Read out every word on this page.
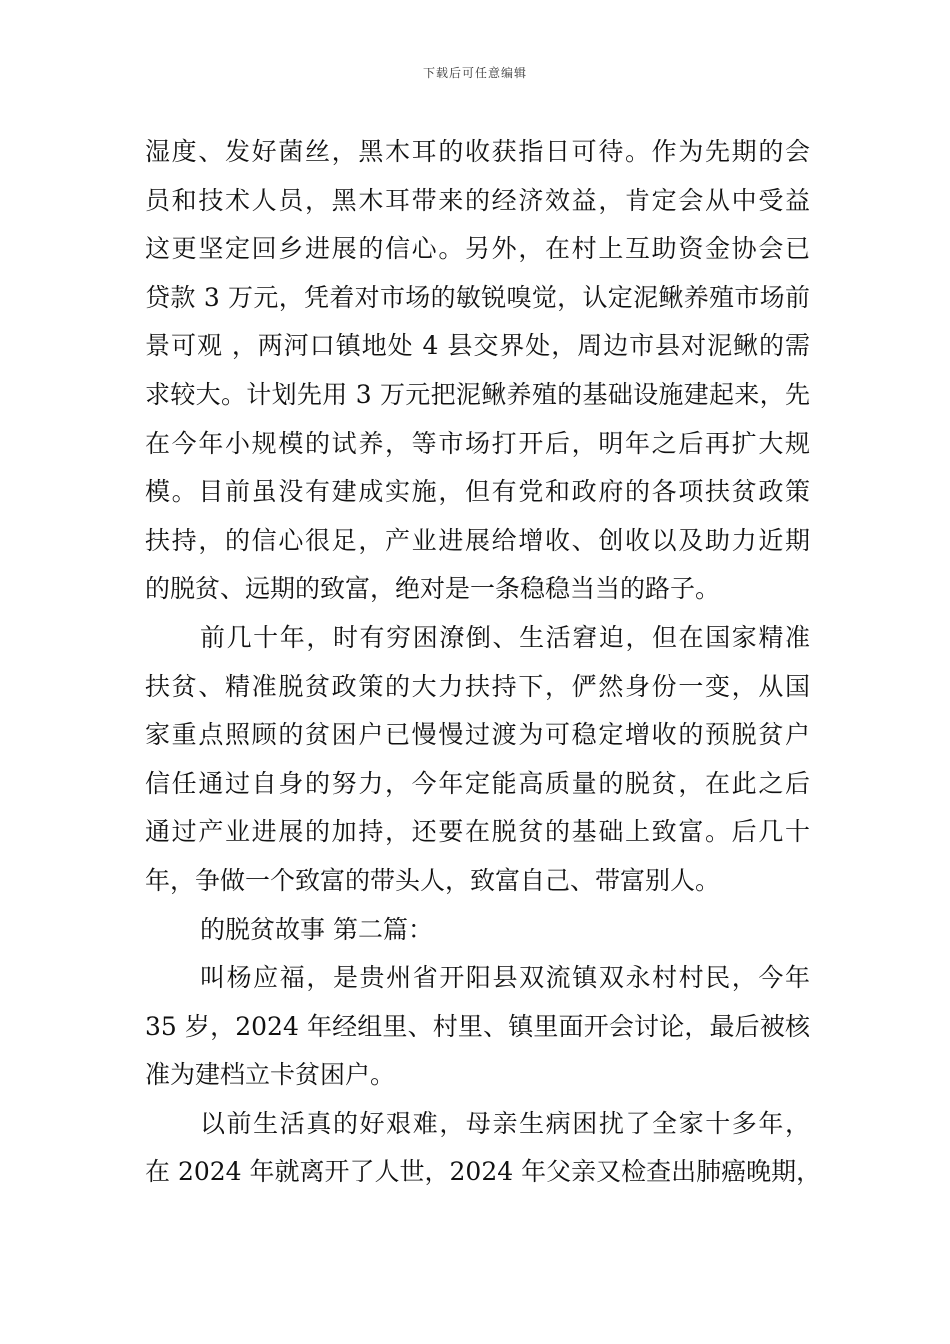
下载后可任意编辑
湿度、发好菌丝，黑木耳的收获指日可待。作为先期的会
员和技术人员，黑木耳带来的经济效益，肯定会从中受益
这更坚定回乡进展的信心。另外，在村上互助资金协会已
贷款 3 万元，凭着对市场的敏锐嗅觉，认定泥鳅养殖市场前
景可观 ，两河口镇地处 4 县交界处，周边市县对泥鳅的需
求较大。计划先用 3 万元把泥鳅养殖的基础设施建起来，先
在今年小规模的试养，等市场打开后，明年之后再扩大规
模。目前虽没有建成实施，但有党和政府的各项扶贫政策
扶持，的信心很足，产业进展给增收、创收以及助力近期
的脱贫、远期的致富，绝对是一条稳稳当当的路子。
前几十年，时有穷困潦倒、生活窘迫，但在国家精准
扶贫、精准脱贫政策的大力扶持下，俨然身份一变，从国
家重点照顾的贫困户已慢慢过渡为可稳定增收的预脱贫户
信任通过自身的努力，今年定能高质量的脱贫，在此之后
通过产业进展的加持，还要在脱贫的基础上致富。后几十
年，争做一个致富的带头人，致富自己、带富别人。
的脱贫故事 第二篇：
叫杨应福，是贵州省开阳县双流镇双永村村民，今年
35 岁，2024 年经组里、村里、镇里面开会讨论，最后被核
准为建档立卡贫困户。
以前生活真的好艰难，母亲生病困扰了全家十多年，
在 2024 年就离开了人世，2024 年父亲又检查出肺癌晚期，
